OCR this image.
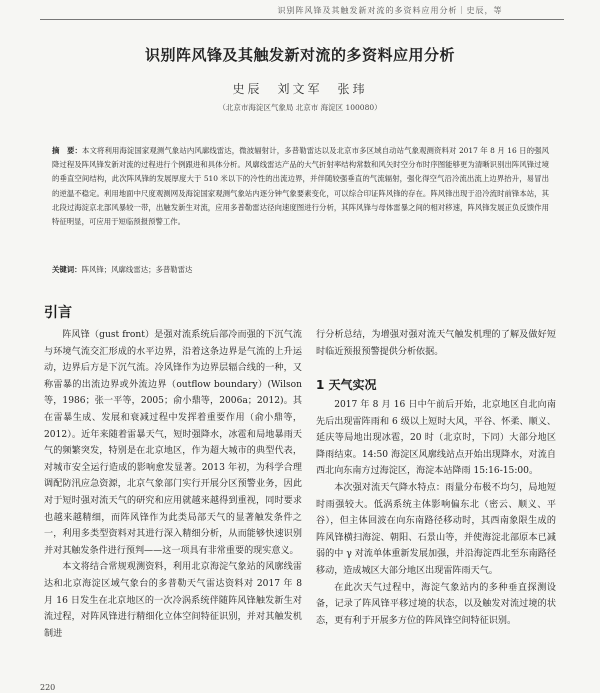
识别阵风锋及其触发新对流的多资料应用分析｜史辰，等
识别阵风锋及其触发新对流的多资料应用分析
史辰　刘文军　张玮
（北京市海淀区气象局 北京市 海淀区 100080）
摘　要：本文将利用海淀国家观测气象站内风廓线雷达，微波辐射计，多普勒雷达以及北京市多区域自动站气象观测资料对 2017 年 8 月 16 日的强风降过程及阵风锋发新对流的过程进行个例跟进和具体分析。风廓线雷达产品的大气折射率结构常数和风矢时空分布时序图能够更为清晰识别出阵风锋过境的垂直空间结构，此次阵风锋的发展厚度大于 510 米以下的冷性的出流边界，并伴随较强垂直的气流辐射，强化得空气沿冷流出流上边界抬升，易冒出的逆温不稳定。利用地面中尺度观测网及海淀国家观测气象站内逐分钟气象要素变化，可以综合印证阵风锋的存在。阵风锋出现于沿冷流时前锋本站，其北段过海淀京北部风暴较一带，出触发新生对流，应用多普勒雷达径向速度图进行分析，其阵风锋与母体雷暴之间的相对移速，阵风锋发展正负反馈作用特征明显，可应用于短临预报预警工作。
关键词：阵风锋；风廓线雷达；多普勒雷达
引言

阵风锋（gust front）是强对流系统后部冷而强的下沉气流与环境气流交汇形成的水平边界，沿着这条边界是气流的上升运动，边界后方是下沉气流。冷风锋作为边界层辐合线的一种，又称雷暴的出流边界或外流边界（outflow boundary）(Wilson 等，1986；张一平等，2005；俞小鼎等，2006a；2012)。其在雷暴生成、发展和衰减过程中发挥着重要作用（俞小鼎等，2012）。近年来随着雷暴天气，短时强降水，冰雹和局地暴雨天气的频繁突发，特别是在北京地区，作为超大城市的典型代表，对城市安全运行造成的影响愈发显著。2013 年初，为科学合理调配防汛应急资源，北京气象部门实行开展分区预警业务，因此对于短时强对流天气的研究和应用就越来越得到重视，同时要求也越来越精细，而阵风锋作为此类局部天气的显著触发条件之一，利用多类型资料对其进行深入精细分析，从而能够快速识别并对其触发条件进行预判——这一项具有非常重要的现实意义。

本文将结合常规观测资料，利用北京海淀气象站的风廓线雷达和北京海淀区域气象台的多普勒天气雷达资料对 2017 年 8 月 16 日发生在北京地区的一次冷涡系统伴随阵风锋触发新生对流过程，对阵风锋进行精细化立体空间特征识别，并对其触发机制进

行分析总结，为增强对强对流天气触发机理的了解及做好短时临近预报预警提供分析依据。

1 天气实况

2017 年 8 月 16 日中午前后开始，北京地区自北向南先后出现雷阵雨和 6 级以上短时大风，平谷、怀柔、顺义、延庆等局地出现冰雹，20 时（北京时，下同）大部分地区降雨结束。14:50 海淀区风廓线站点开始出现降水，对流自西北向东南方过海淀区，海淀本站降雨 15:16-15:00。

本次强对流天气降水特点：雨量分布极不均匀，局地短时雨强较大。低涡系统主体影响偏东北（密云、顺义、平谷），但主体回波在向东南路径移动时，其西南象限生成的阵风锋横扫海淀、朝阳、石景山等，并使海淀北部原本已减弱的中 γ 对流单体重新发展加强，并沿海淀西北至东南路径移动，造成城区大部分地区出现雷阵雨天气。

在此次天气过程中，海淀气象站内的多种垂直探测设备，记录了阵风锋平移过境的状态，以及触发对流过境的状态，更有利于开展多方位的阵风锋空间特征识别。

220
